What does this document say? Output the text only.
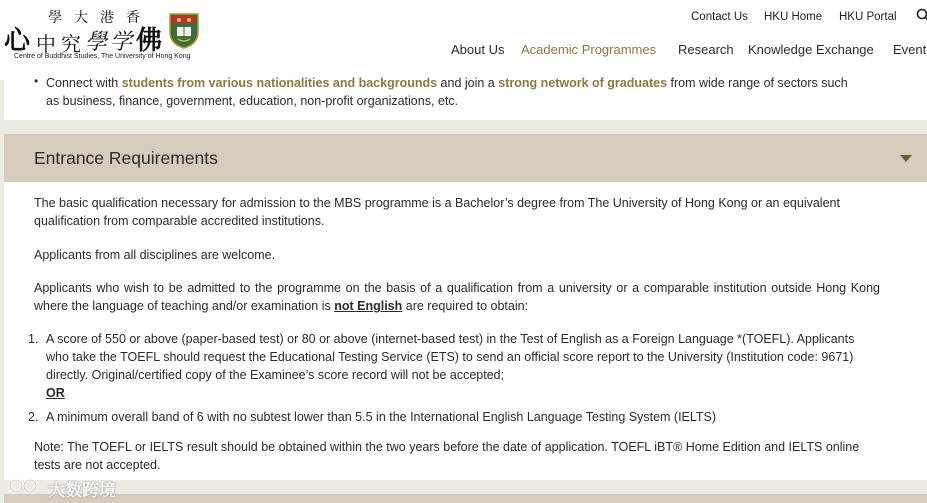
心 中 究 學 学 佛
學 大 港 香
Centre of Buddhist Studies, The University of Hong Kong
Contact Us HKU Home HKU Portal
About Us Academic Programmes Research Knowledge Exchange Event
• Connect with students from various nationalities and backgrounds and join a strong network of graduates from wide range of sectors such
as business, finance, government, education, non-profit organizations, etc.
Entrance Requirements
The basic qualification necessary for admission to the MBS programme is a Bachelor’s degree from The University of Hong Kong or an equivalent qualification from comparable accredited institutions.
Applicants from all disciplines are welcome.
Applicants who wish to be admitted to the programme on the basis of a qualification from a university or a comparable institution outside Hong Kong where the language of teaching and/or examination is not English are required to obtain:
1. A score of 550 or above (paper-based test) or 80 or above (internet-based test) in the Test of English as a Foreign Language *(TOEFL). Applicants who take the TOEFL should request the Educational Testing Service (ETS) to send an official score report to the University (Institution code: 9671) directly. Original/certified copy of the Examinee’s score record will not be accepted;
OR
2. A minimum overall band of 6 with no subtest lower than 5.5 in the International English Language Testing System (IELTS)
Note: The TOEFL or IELTS result should be obtained within the two years before the date of application. TOEFL iBT® Home Edition and IELTS online tests are not accepted.
大数跨境
